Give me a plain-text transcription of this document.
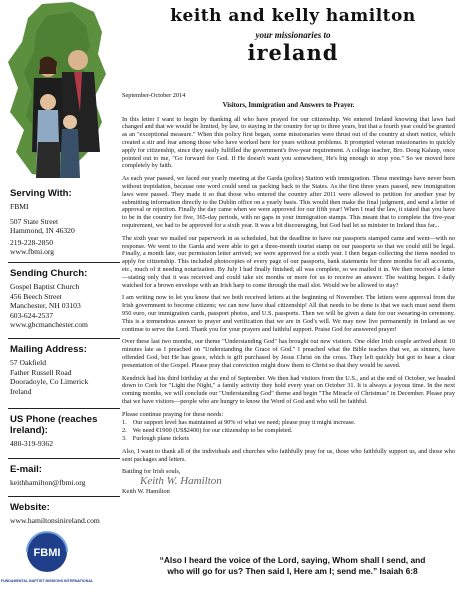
keith and kelly hamilton
your missionaries to
ireland
Serving With:
FBMI
507 State Street
Hammond, IN 46320
219-228-2850
www.fbmi.org
Sending Church:
Gospel Baptist Church
456 Beech Street
Manchester, NH 03103
603-624-2537
www.gbcmanchester.com
Mailing Address:
57 Oakfield
Father Russell Road
Dooradoyle, Co Limerick
Ireland
US Phone (reaches Ireland):
480-319-9362
E-mail:
keithhamilton@fbmi.org
Website:
www.hamiltonsinireland.com
FBMI
FUNDAMENTAL BAPTIST MISSIONS INTERNATIONAL
September-October 2014
Visitors, Immigration and Answers to Prayer.

In this letter I want to begin by thanking all who have prayed for our citizenship. We entered Ireland knowing that laws had changed and that we would be limited, by law, to staying in the country for up to three years, but that a fourth year could be granted as an "exceptional measure." When this policy first began, some missionaries were thrust out of the country at short notice, which created a stir and fear among those who have worked here for years without problems. It prompted veteran missionaries to quickly apply for citizenship, since they easily fulfilled the government's five-year requirement. A college teacher, Bro. Doug Kalaup, once pointed out to me, "Go forward for God. If He doesn't want you somewhere, He's big enough to stop you." So we moved here completely by faith.

As each year passed, we faced our yearly meeting at the Garda (police) Station with immigration. These meetings have never been without trepidation, because one word could send us packing back to the States. As the first three years passed, new immigration laws were passed. They made it so that those who entered the country after 2011 were allowed to petition for another year by submitting information directly to the Dublin office on a yearly basis. This would then make the final judgment, and send a letter of approval or rejection. Finally the day came when we were approved for our fifth year! When I read the law, it stated that you have to be in the country for five, 365-day periods, with no gaps in your immigration stamps. This meant that to complete the five-year requirement, we had to be approved for a sixth year. It was a bit discouraging, but God had let us minister in Ireland thus far...

The sixth year we mailed our paperwork in as scheduled, but the deadline to have our passports stamped came and went—with no response. We went to the Garda and were able to get a three-month tourist stamp on our passports so that we could still be legal. Finally, a month late, our permission letter arrived; we were approved for a sixth year. I then began collecting the items needed to apply for citizenship. This included photocopies of every page of our passports, bank statements for three months for all accounts, etc., much of it needing notarization. By July I had finally finished; all was complete, so we mailed it in. We then received a letter—stating only that it was received and could take six months or more for us to receive an answer. The waiting began. I daily watched for a brown envelope with an Irish harp to come through the mail slot. Would we be allowed to stay?

I am writing now to let you know that we both received letters at the beginning of November. The letters were approval from the Irish government to become citizens; we can now have dual citizenship! All that needs to be done is that we each must send them 950 euro, our immigration cards, passport photos, and U.S. passports. Then we will be given a date for our swearing-in ceremony. This is a tremendous answer to prayer and verification that we are in God's will. We may now live permanently in Ireland as we continue to serve the Lord. Thank you for your prayers and faithful support. Praise God for answered prayer!

Over these last two months, our theme "Understanding God" has brought out new visitors. One older Irish couple arrived about 10 minutes late as I preached on "Understanding the Grace of God." I preached what the Bible teaches that we, as sinners, have offended God, but He has grace, which is gift purchased by Jesus Christ on the cross. They left quickly but got to hear a clear presentation of the Gospel. Please pray that conviction might draw them to Christ so that they would be saved.

Kendrick had his third birthday at the end of September. We then had visitors from the U.S., and at the end of October, we headed down to Cork for "Light the Night," a family activity they hold every year on October 31. It is always a joyous time. In the next coming months, we will conclude our "Understanding God" theme and begin "The Miracle of Christmas" in December. Please pray that we have visitors—people who are hungry to know the Word of God and who will be faithful.

Please continue praying for these needs:

1. Our support level has maintained at 90% of what we need; please pray it might increase.
2. We need €1900 (US$2400) for our citizenship to be completed.
3. Furlough plane tickets

Also, I want to thank all of the individuals and churches who faithfully pray for us, those who faithfully support us, and those who sent packages and letters.

Battling for Irish souls,
Keith W. Hamilton
Keith W. Hamilton
“Also I heard the voice of the Lord, saying, Whom shall I send, and
who will go for us? Then said I, Here am I; send me.” Isaiah 6:8
